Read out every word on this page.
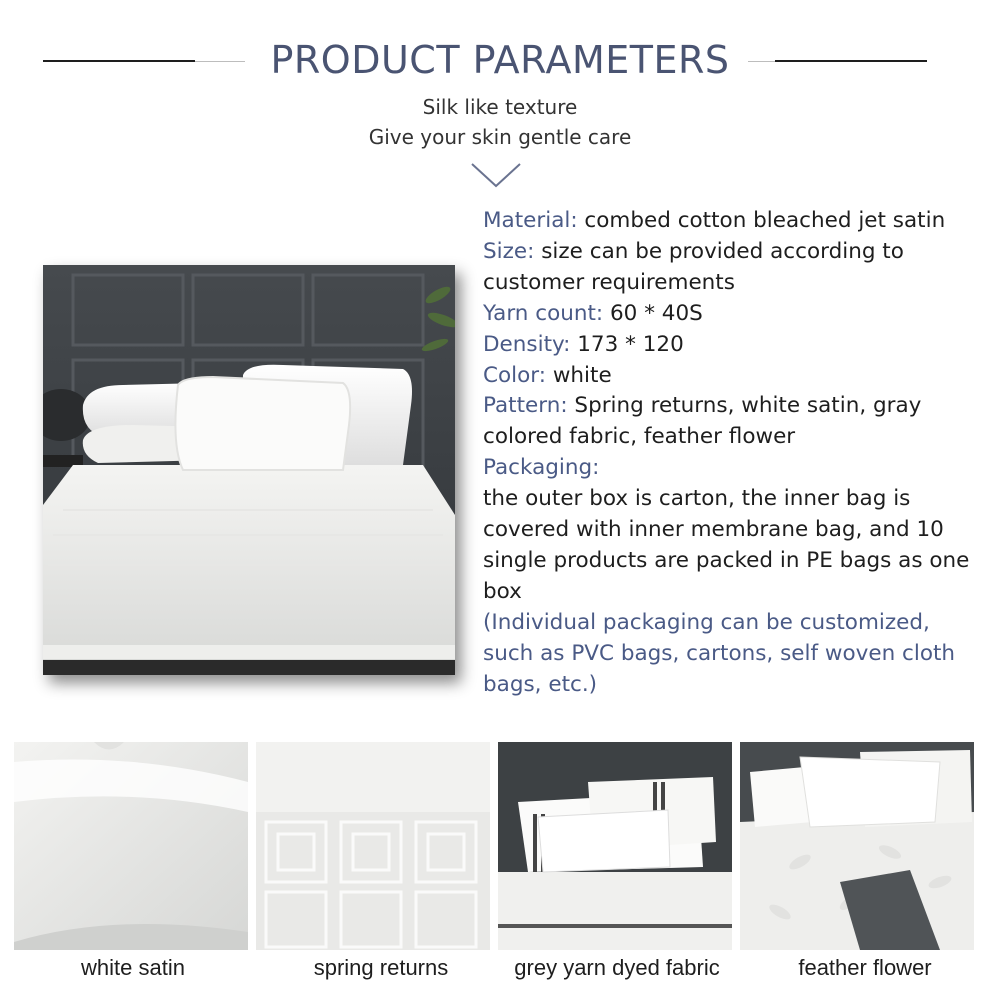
PRODUCT PARAMETERS
Silk like texture
Give your skin gentle care
Material: combed cotton bleached jet satin
Size: size can be provided according to customer requirements
Yarn count: 60 * 40S
Density: 173 * 120
Color: white
Pattern: Spring returns, white satin, gray colored fabric, feather flower
Packaging:
the outer box is carton, the inner bag is covered with inner membrane bag, and 10 single products are packed in PE bags as one box
(Individual packaging can be customized, such as PVC bags, cartons, self woven cloth bags, etc.)
white satin	spring returns	grey yarn dyed fabric	feather flower
